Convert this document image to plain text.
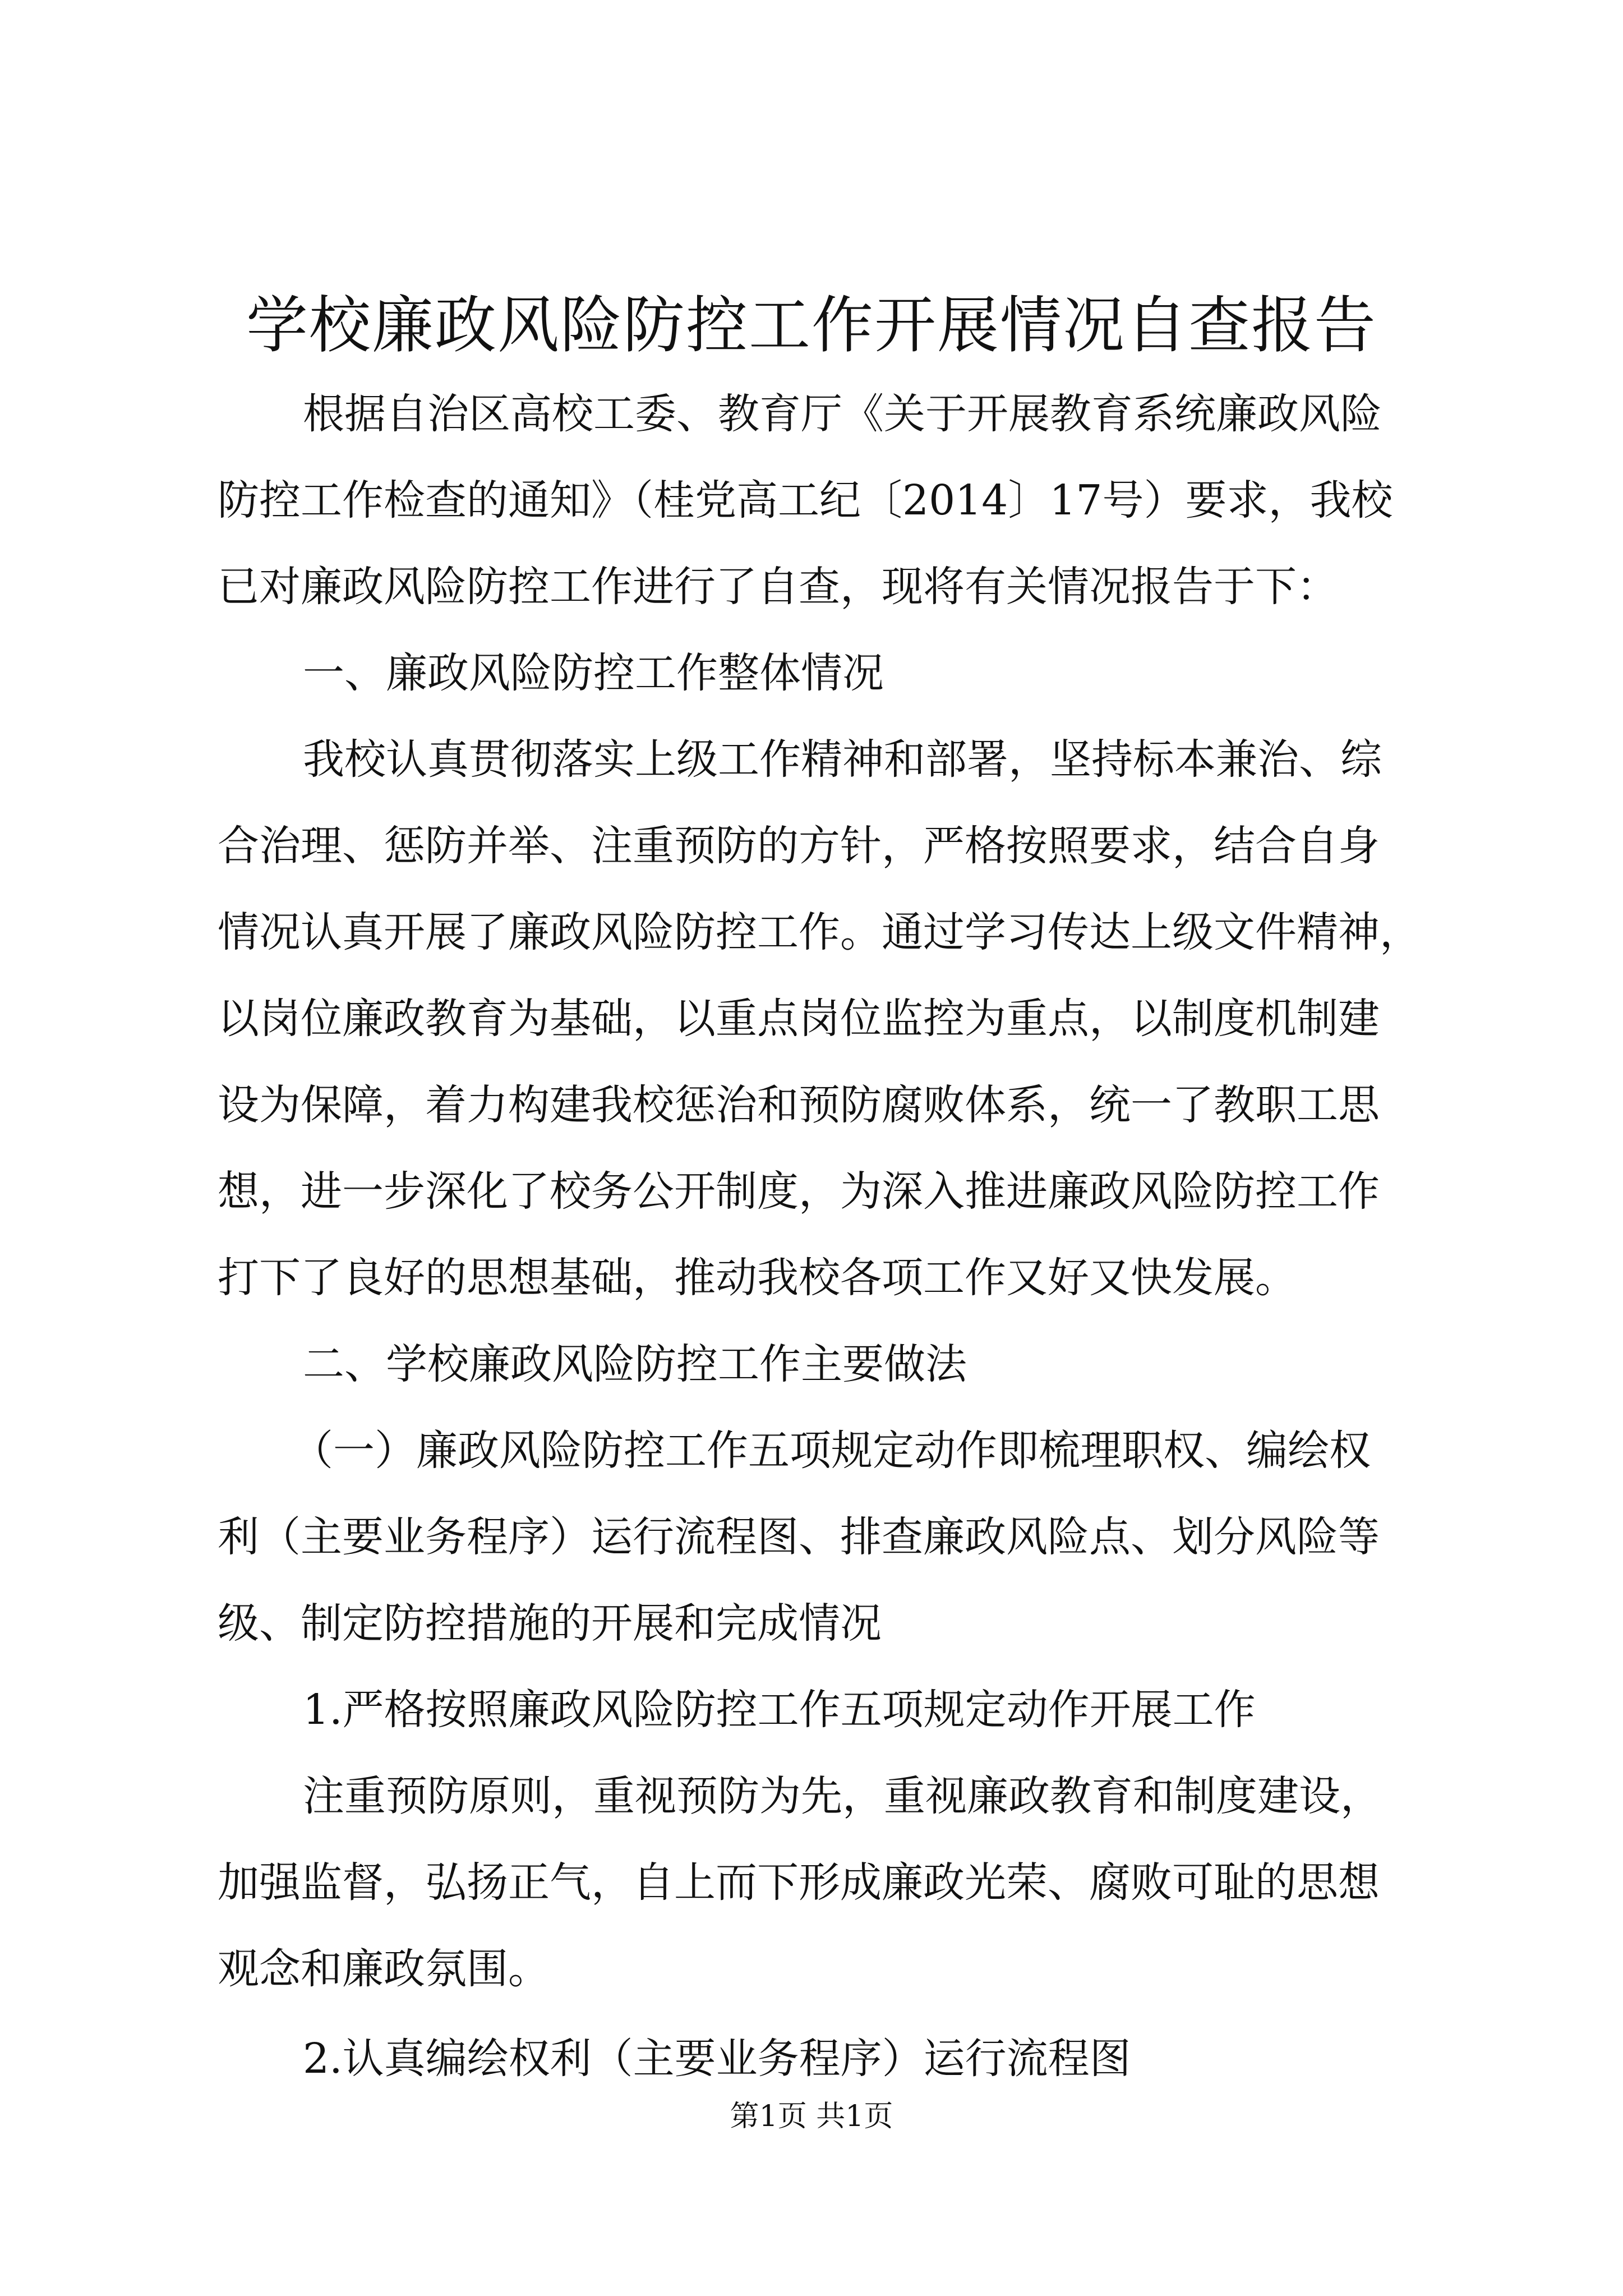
学校廉政风险防控工作开展情况自查报告
根据自治区高校工委、教育厅《关于开展教育系统廉政风险
防控工作检查的通知》（桂党高工纪〔2014〕17号）要求，我校
已对廉政风险防控工作进行了自查，现将有关情况报告于下：
一、廉政风险防控工作整体情况
我校认真贯彻落实上级工作精神和部署，坚持标本兼治、综
合治理、惩防并举、注重预防的方针，严格按照要求，结合自身
情况认真开展了廉政风险防控工作。通过学习传达上级文件精神，
以岗位廉政教育为基础，以重点岗位监控为重点，以制度机制建
设为保障，着力构建我校惩治和预防腐败体系，统一了教职工思
想，进一步深化了校务公开制度，为深入推进廉政风险防控工作
打下了良好的思想基础，推动我校各项工作又好又快发展。
二、学校廉政风险防控工作主要做法
（一）廉政风险防控工作五项规定动作即梳理职权、编绘权
利（主要业务程序）运行流程图、排查廉政风险点、划分风险等
级、制定防控措施的开展和完成情况
1.严格按照廉政风险防控工作五项规定动作开展工作
注重预防原则，重视预防为先，重视廉政教育和制度建设，
加强监督，弘扬正气，自上而下形成廉政光荣、腐败可耻的思想
观念和廉政氛围。
2.认真编绘权利（主要业务程序）运行流程图
第1页 共1页
